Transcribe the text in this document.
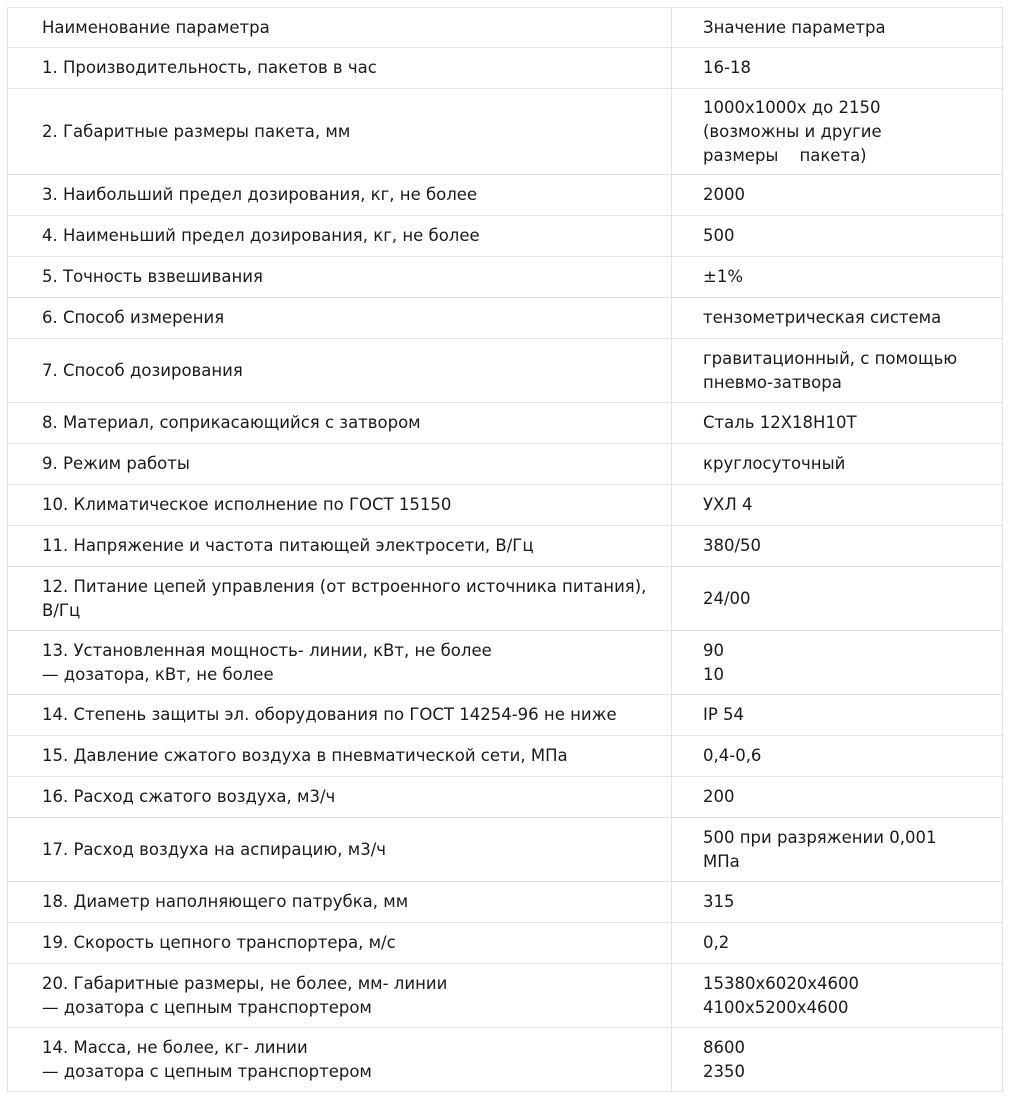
Наименование параметра	Значение параметра

1. Производительность, пакетов в час	16-18

2. Габаритные размеры пакета, мм	1000х1000х до 2150
(возможны и другие
размеры    пакета)

3. Наибольший предел дозирования, кг, не более	2000

4. Наименьший предел дозирования, кг, не более	500

5. Точность взвешивания	±1%

6. Способ измерения	тензометрическая система

7. Способ дозирования	гравитационный, с помощью
пневмо-затвора

8. Материал, соприкасающийся с затвором	Сталь 12Х18Н10Т

9. Режим работы	круглосуточный

10. Климатическое исполнение по ГОСТ 15150	УХЛ 4

11. Напряжение и частота питающей электросети, В/Гц	380/50

12. Питание цепей управления (от встроенного источника питания),
В/Гц	24/00

13. Установленная мощность- линии, кВт, не более
— дозатора, кВт, не более	90
10

14. Степень защиты эл. оборудования по ГОСТ 14254-96 не ниже	IP 54

15. Давление сжатого воздуха в пневматической сети, МПа	0,4-0,6

16. Расход сжатого воздуха, м3/ч	200

17. Расход воздуха на аспирацию, м3/ч	500 при разряжении 0,001
МПа

18. Диаметр наполняющего патрубка, мм	315

19. Скорость цепного транспортера, м/с	0,2

20. Габаритные размеры, не более, мм- линии
— дозатора с цепным транспортером	15380х6020х4600
4100х5200х4600

14. Масса, не более, кг- линии
— дозатора с цепным транспортером	8600
2350
